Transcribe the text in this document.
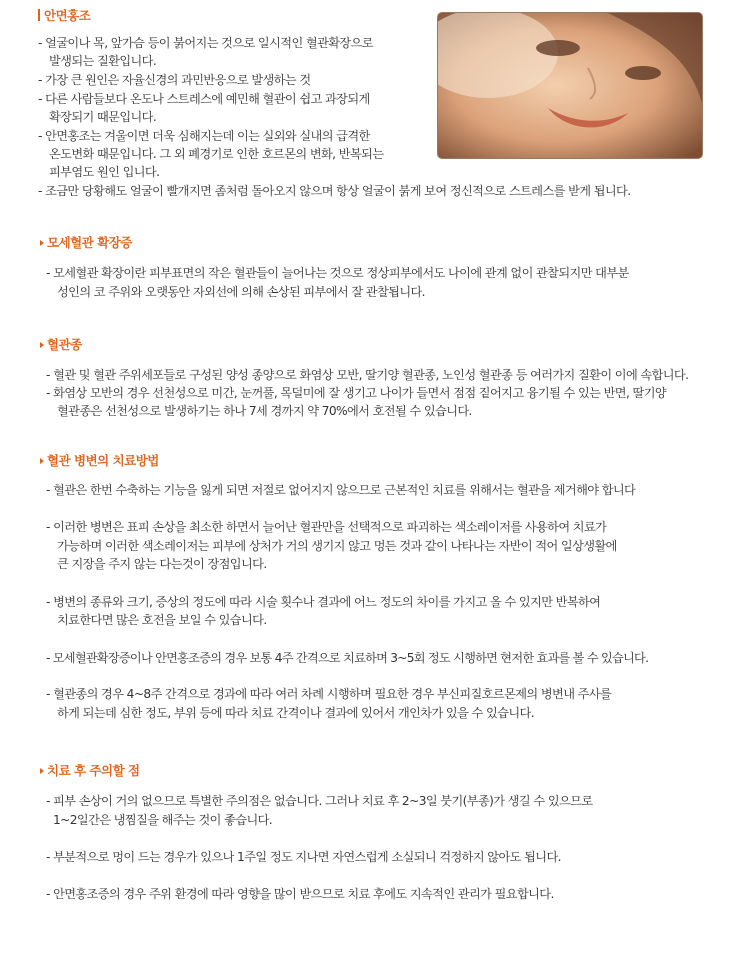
안면홍조
- 얼굴이나 목, 앞가슴 등이 붉어지는 것으로 일시적인 혈관확장으로
발생되는 질환입니다.
- 가장 큰 원인은 자율신경의 과민반응으로 발생하는 것
- 다른 사람들보다 온도나 스트레스에 예민해 혈관이 쉽고 과장되게
확장되기 때문입니다.
- 안면홍조는 겨울이면 더욱 심해지는데 이는 실외와 실내의 급격한
온도변화 때문입니다. 그 외 폐경기로 인한 호르몬의 변화, 반복되는
피부염도 원인 입니다.
- 조금만 당황해도 얼굴이 빨개지면 좀처럼 돌아오지 않으며 항상 얼굴이 붉게 보여 정신적으로 스트레스를 받게 됩니다.
모세혈관 확장증
- 모세혈관 확장이란 피부표면의 작은 혈관들이 늘어나는 것으로 정상피부에서도 나이에 관계 없이 관찰되지만 대부분
성인의 코 주위와 오랫동안 자외선에 의해 손상된 피부에서 잘 관찰됩니다.
혈관종
- 혈관 및 혈관 주위세포들로 구성된 양성 종양으로 화염상 모반, 딸기양 혈관종, 노인성 혈관종 등 여러가지 질환이 이에 속합니다.
- 화염상 모반의 경우 선천성으로 미간, 눈꺼풀, 목덜미에 잘 생기고 나이가 들면서 점점 짙어지고 융기될 수 있는 반면, 딸기양
혈관종은 선천성으로 발생하기는 하나 7세 경까지 약 70%에서 호전될 수 있습니다.
혈관 병변의 치료방법
- 혈관은 한번 수축하는 기능을 잃게 되면 저절로 없어지지 않으므로 근본적인 치료를 위해서는 혈관을 제거해야 합니다
- 이러한 병변은 표피 손상을 최소한 하면서 늘어난 혈관만을 선택적으로 파괴하는 색소레이저를 사용하여 치료가
가능하며 이러한 색소레이저는 피부에 상처가 거의 생기지 않고 멍든 것과 같이 나타나는 자반이 적어 일상생활에
큰 지장을 주지 않는 다는것이 장점입니다.
- 병변의 종류와 크기, 증상의 정도에 따라 시술 횟수나 결과에 어느 정도의 차이를 가지고 올 수 있지만 반복하여
치료한다면 많은 호전을 보일 수 있습니다.
- 모세혈관확장증이나 안면홍조증의 경우 보통 4주 간격으로 치료하며 3~5회 정도 시행하면 현저한 효과를 볼 수 있습니다.
- 혈관종의 경우 4~8주 간격으로 경과에 따라 여러 차례 시행하며 필요한 경우 부신피질호르몬제의 병변내 주사를
하게 되는데 심한 정도, 부위 등에 따라 치료 간격이나 결과에 있어서 개인차가 있을 수 있습니다.
치료 후 주의할 점
- 피부 손상이 거의 없으므로 특별한 주의점은 없습니다. 그러나 치료 후 2~3일 붓기(부종)가 생길 수 있으므로
1~2일간은 냉찜질을 해주는 것이 좋습니다.
- 부분적으로 멍이 드는 경우가 있으나 1주일 정도 지나면 자연스럽게 소실되니 걱정하지 않아도 됩니다.
- 안면홍조증의 경우 주위 환경에 따라 영향을 많이 받으므로 치료 후에도 지속적인 관리가 필요합니다.
